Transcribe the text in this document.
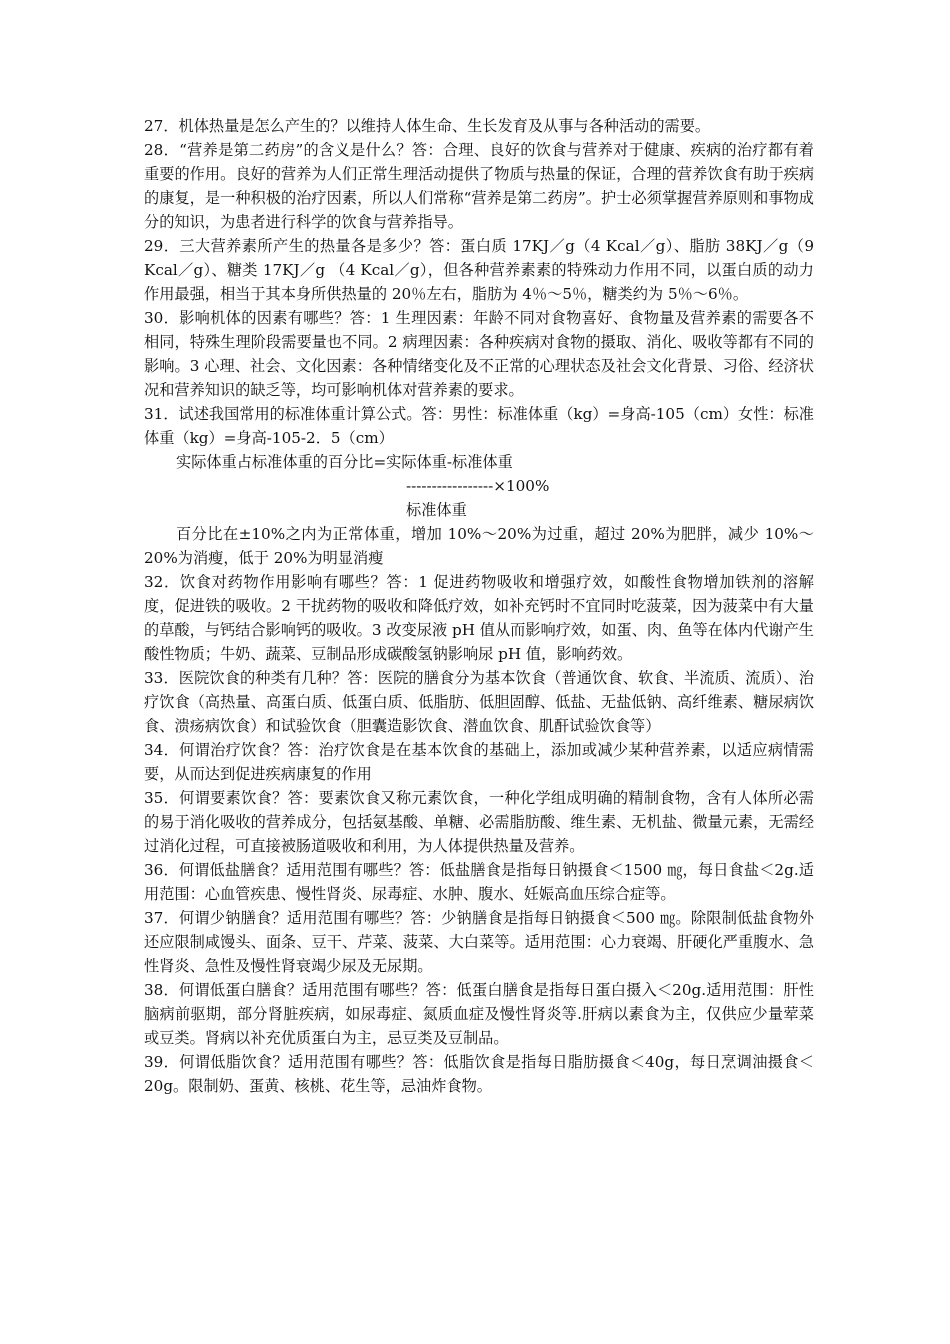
27．机体热量是怎么产生的？以维持人体生命、生长发育及从事与各种活动的需要。

28．“营养是第二药房”的含义是什么？答：合理、良好的饮食与营养对于健康、疾病的治疗都有着重要的作用。良好的营养为人们正常生理活动提供了物质与热量的保证，合理的营养饮食有助于疾病的康复，是一种积极的治疗因素，所以人们常称“营养是第二药房”。护士必须掌握营养原则和事物成分的知识，为患者进行科学的饮食与营养指导。

29．三大营养素所产生的热量各是多少？答：蛋白质 17KJ／g（4 Kcal／g）、脂肪 38KJ／g（9 Kcal／g）、糖类 17KJ／g （4 Kcal／g），但各种营养素素的特殊动力作用不同，以蛋白质的动力作用最强，相当于其本身所供热量的 20％左右，脂肪为 4％～5％，糖类约为 5％～6％。

30．影响机体的因素有哪些？答：1 生理因素：年龄不同对食物喜好、食物量及营养素的需要各不相同，特殊生理阶段需要量也不同。2 病理因素：各种疾病对食物的摄取、消化、吸收等都有不同的影响。3 心理、社会、文化因素：各种情绪变化及不正常的心理状态及社会文化背景、习俗、经济状况和营养知识的缺乏等，均可影响机体对营养素的要求。

31．试述我国常用的标准体重计算公式。答：男性：标准体重（kg）=身高-105（cm）女性：标准体重（kg）=身高-105-2．5（cm）

实际体重占标准体重的百分比=实际体重-标准体重

-----------------×100%
标准体重

百分比在±10%之内为正常体重，增加 10%～20%为过重，超过 20%为肥胖，减少 10%～20%为消瘦，低于 20%为明显消瘦

32．饮食对药物作用影响有哪些？答：1 促进药物吸收和增强疗效，如酸性食物增加铁剂的溶解度，促进铁的吸收。2 干扰药物的吸收和降低疗效，如补充钙时不宜同时吃菠菜，因为菠菜中有大量的草酸，与钙结合影响钙的吸收。3 改变尿液 pH 值从而影响疗效，如蛋、肉、鱼等在体内代谢产生酸性物质；牛奶、蔬菜、豆制品形成碳酸氢钠影响尿 pH 值，影响药效。

33．医院饮食的种类有几种？答：医院的膳食分为基本饮食（普通饮食、软食、半流质、流质）、治疗饮食（高热量、高蛋白质、低蛋白质、低脂肪、低胆固醇、低盐、无盐低钠、高纤维素、糖尿病饮食、溃疡病饮食）和试验饮食（胆囊造影饮食、潜血饮食、肌酐试验饮食等）

34．何谓治疗饮食？答：治疗饮食是在基本饮食的基础上，添加或减少某种营养素，以适应病情需要，从而达到促进疾病康复的作用

35．何谓要素饮食？答：要素饮食又称元素饮食，一种化学组成明确的精制食物，含有人体所必需的易于消化吸收的营养成分，包括氨基酸、单糖、必需脂肪酸、维生素、无机盐、微量元素，无需经过消化过程，可直接被肠道吸收和利用，为人体提供热量及营养。

36．何谓低盐膳食？适用范围有哪些？答：低盐膳食是指每日钠摄食＜1500 ㎎，每日食盐＜2g.适用范围：心血管疾患、慢性肾炎、尿毒症、水肿、腹水、妊娠高血压综合症等。

37．何谓少钠膳食？适用范围有哪些？答：少钠膳食是指每日钠摄食＜500 ㎎。除限制低盐食物外还应限制咸馒头、面条、豆干、芹菜、菠菜、大白菜等。适用范围：心力衰竭、肝硬化严重腹水、急性肾炎、急性及慢性肾衰竭少尿及无尿期。

38．何谓低蛋白膳食？适用范围有哪些？答：低蛋白膳食是指每日蛋白摄入＜20g.适用范围：肝性脑病前驱期，部分肾脏疾病，如尿毒症、氮质血症及慢性肾炎等.肝病以素食为主，仅供应少量荤菜或豆类。肾病以补充优质蛋白为主，忌豆类及豆制品。

39．何谓低脂饮食？适用范围有哪些？答：低脂饮食是指每日脂肪摄食＜40g，每日烹调油摄食＜20g。限制奶、蛋黄、核桃、花生等，忌油炸食物。
